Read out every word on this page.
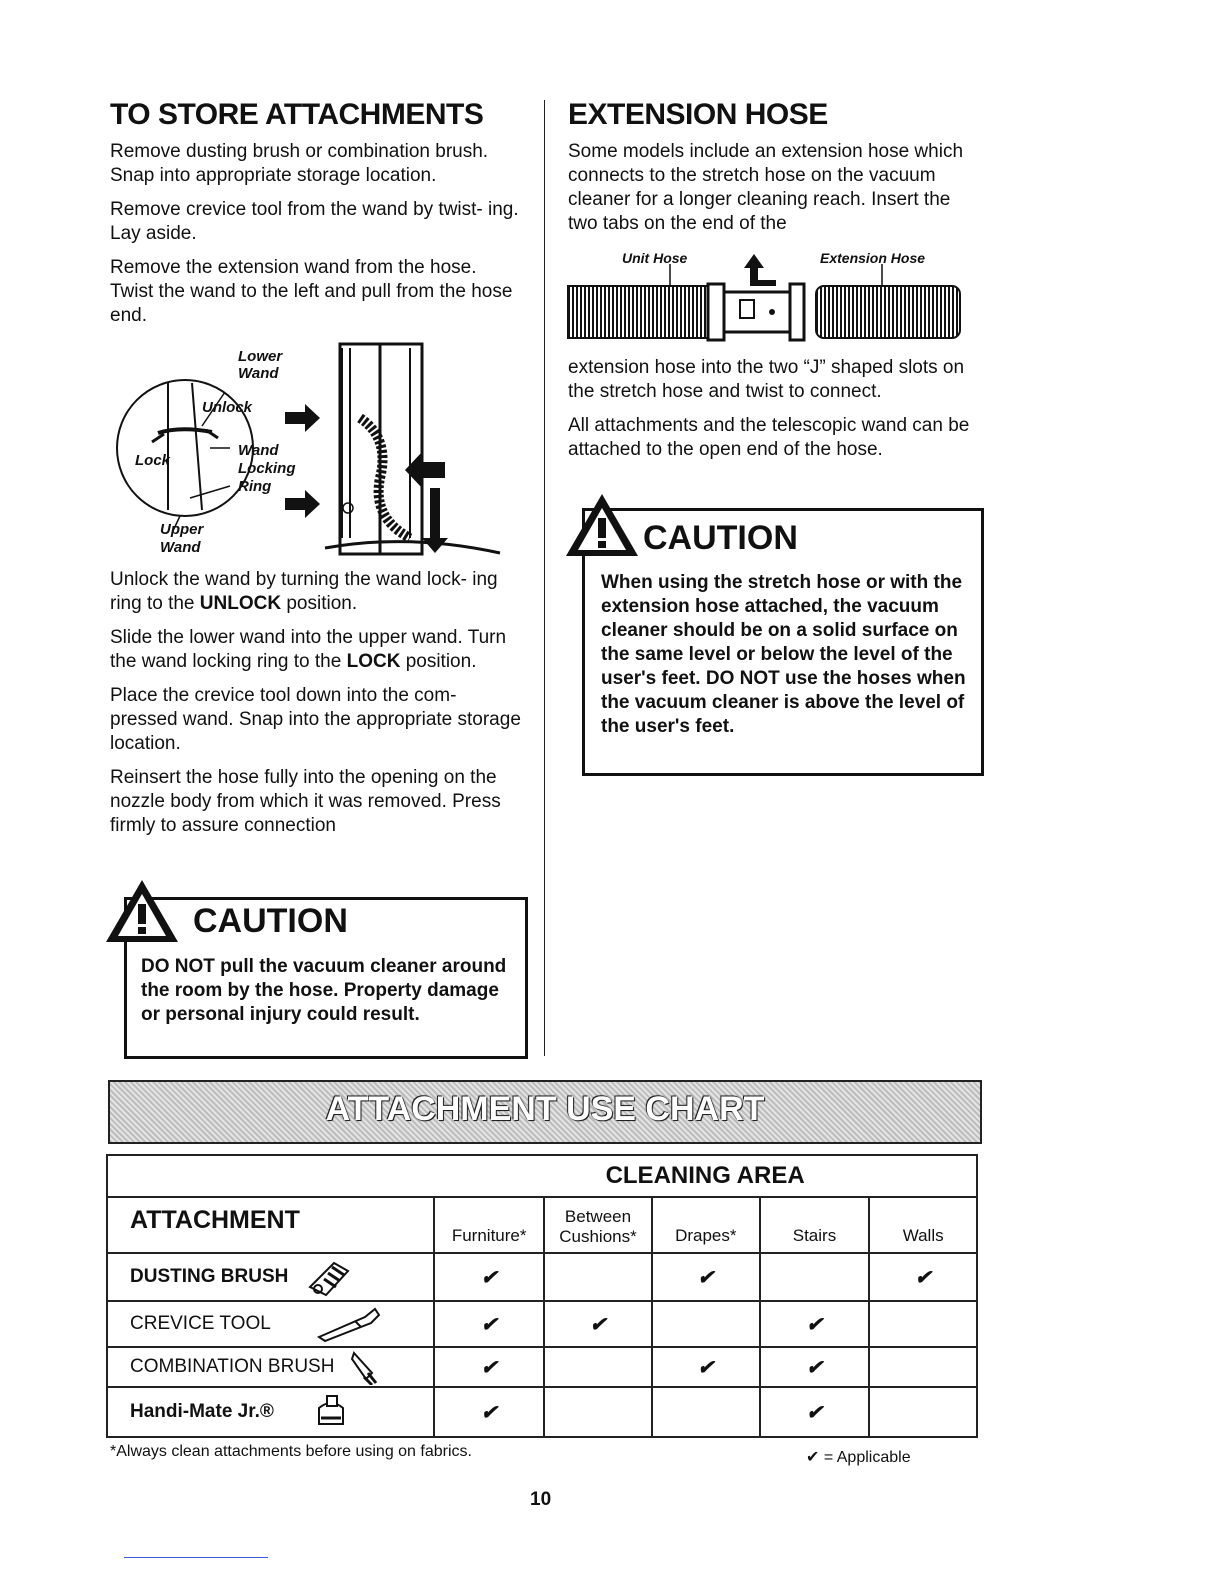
TO STORE ATTACHMENTS

Remove dusting brush or combination brush. Snap into appropriate storage location.

Remove crevice tool from the wand by twist- ing. Lay aside.

Remove the extension wand from the hose. Twist the wand to the left and pull from the hose end.

Lower Wand
Unlock
Lock
Wand Locking Ring
Upper Wand

Unlock the wand by turning the wand lock- ing ring to the UNLOCK position.

Slide the lower wand into the upper wand. Turn the wand locking ring to the LOCK position.

Place the crevice tool down into the com- pressed wand. Snap into the appropriate storage location.

Reinsert the hose fully into the opening on the nozzle body from which it was removed. Press firmly to assure connection

CAUTION
DO NOT pull the vacuum cleaner around the room by the hose. Property damage or personal injury could result.
EXTENSION HOSE

Some models include an extension hose which connects to the stretch hose on the vacuum cleaner for a longer cleaning reach. Insert the two tabs on the end of the

Unit Hose	Extension Hose

extension hose into the two “J” shaped slots on the stretch hose and twist to connect.

All attachments and the telescopic wand can be attached to the open end of the hose.

CAUTION
When using the stretch hose or with the extension hose attached, the vacuum cleaner should be on a solid surface on the same level or below the level of the user's feet. DO NOT use the hoses when the vacuum cleaner is above the level of the user's feet.
ATTACHMENT USE CHART
	CLEANING AREA				
ATTACHMENT	Furniture*	Between Cushions*	Drapes*	Stairs	Walls
DUSTING BRUSH	✔		✔		✔
CREVICE TOOL	✔	✔		✔	
COMBINATION BRUSH	✔		✔	✔	
Handi-Mate Jr.®	✔			✔	
*Always clean attachments before using on fabrics.	✔ = Applicable
10
